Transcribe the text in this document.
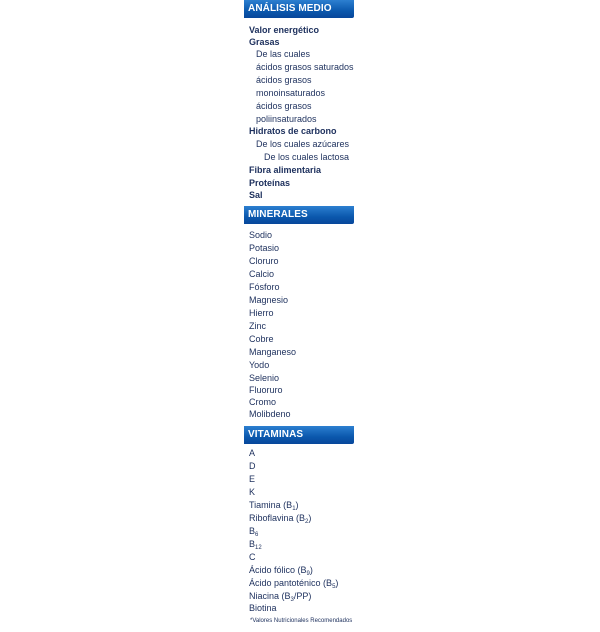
ANÁLISIS MEDIO
Valor energético
Grasas
De las cuales
ácidos grasos saturados
ácidos grasos
monoinsaturados
ácidos grasos
poliinsaturados
Hidratos de carbono
De los cuales azúcares
De los cuales lactosa
Fibra alimentaria
Proteínas
Sal
MINERALES
Sodio
Potasio
Cloruro
Calcio
Fósforo
Magnesio
Hierro
Zinc
Cobre
Manganeso
Yodo
Selenio
Fluoruro
Cromo
Molibdeno
VITAMINAS
A
D
E
K
Tiamina $(B_1)$
Riboflavina $(B_2)$
$B_6$
$B_{12}$
C
Ácido fólico $(B_9)$
Ácido pantoténico $(B_5)$
Niacina $(B_3/PP)$
Biotina
*Valores Nutricionales Recomendados
